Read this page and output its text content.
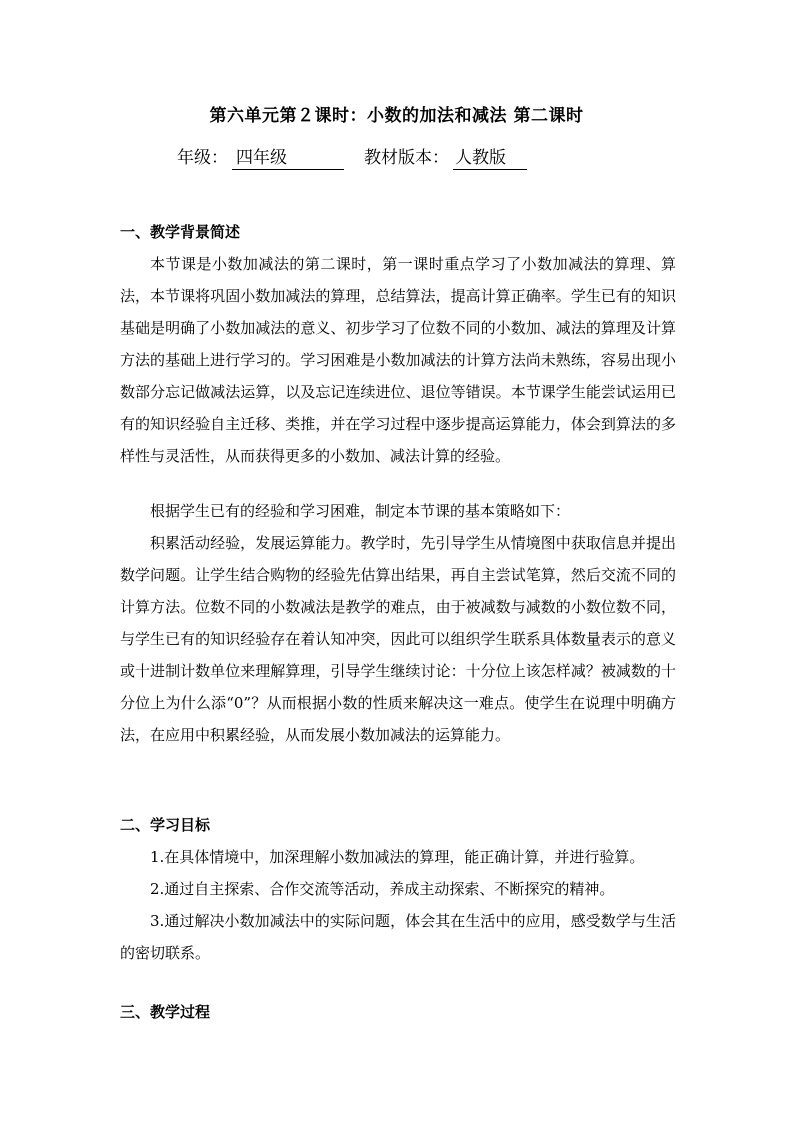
第六单元第２课时：小数的加法和减法 第二课时
年级： 四年级	教材版本： 人教版
一、教学背景简述

本节课是小数加减法的第二课时，第一课时重点学习了小数加减法的算理、算法，本节课将巩固小数加减法的算理，总结算法，提高计算正确率。学生已有的知识基础是明确了小数加减法的意义、初步学习了位数不同的小数加、减法的算理及计算方法的基础上进行学习的。学习困难是小数加减法的计算方法尚未熟练，容易出现小数部分忘记做减法运算，以及忘记连续进位、退位等错误。本节课学生能尝试运用已有的知识经验自主迁移、类推，并在学习过程中逐步提高运算能力，体会到算法的多样性与灵活性，从而获得更多的小数加、减法计算的经验。

根据学生已有的经验和学习困难，制定本节课的基本策略如下：

积累活动经验，发展运算能力。教学时，先引导学生从情境图中获取信息并提出数学问题。让学生结合购物的经验先估算出结果，再自主尝试笔算，然后交流不同的计算方法。位数不同的小数减法是教学的难点，由于被减数与减数的小数位数不同，与学生已有的知识经验存在着认知冲突，因此可以组织学生联系具体数量表示的意义或十进制计数单位来理解算理，引导学生继续讨论：十分位上该怎样减？被减数的十分位上为什么添“0”？从而根据小数的性质来解决这一难点。使学生在说理中明确方法，在应用中积累经验，从而发展小数加减法的运算能力。

二、学习目标

1.在具体情境中，加深理解小数加减法的算理，能正确计算，并进行验算。

2.通过自主探索、合作交流等活动，养成主动探索、不断探究的精神。

3.通过解决小数加减法中的实际问题，体会其在生活中的应用，感受数学与生活的密切联系。

三、教学过程
